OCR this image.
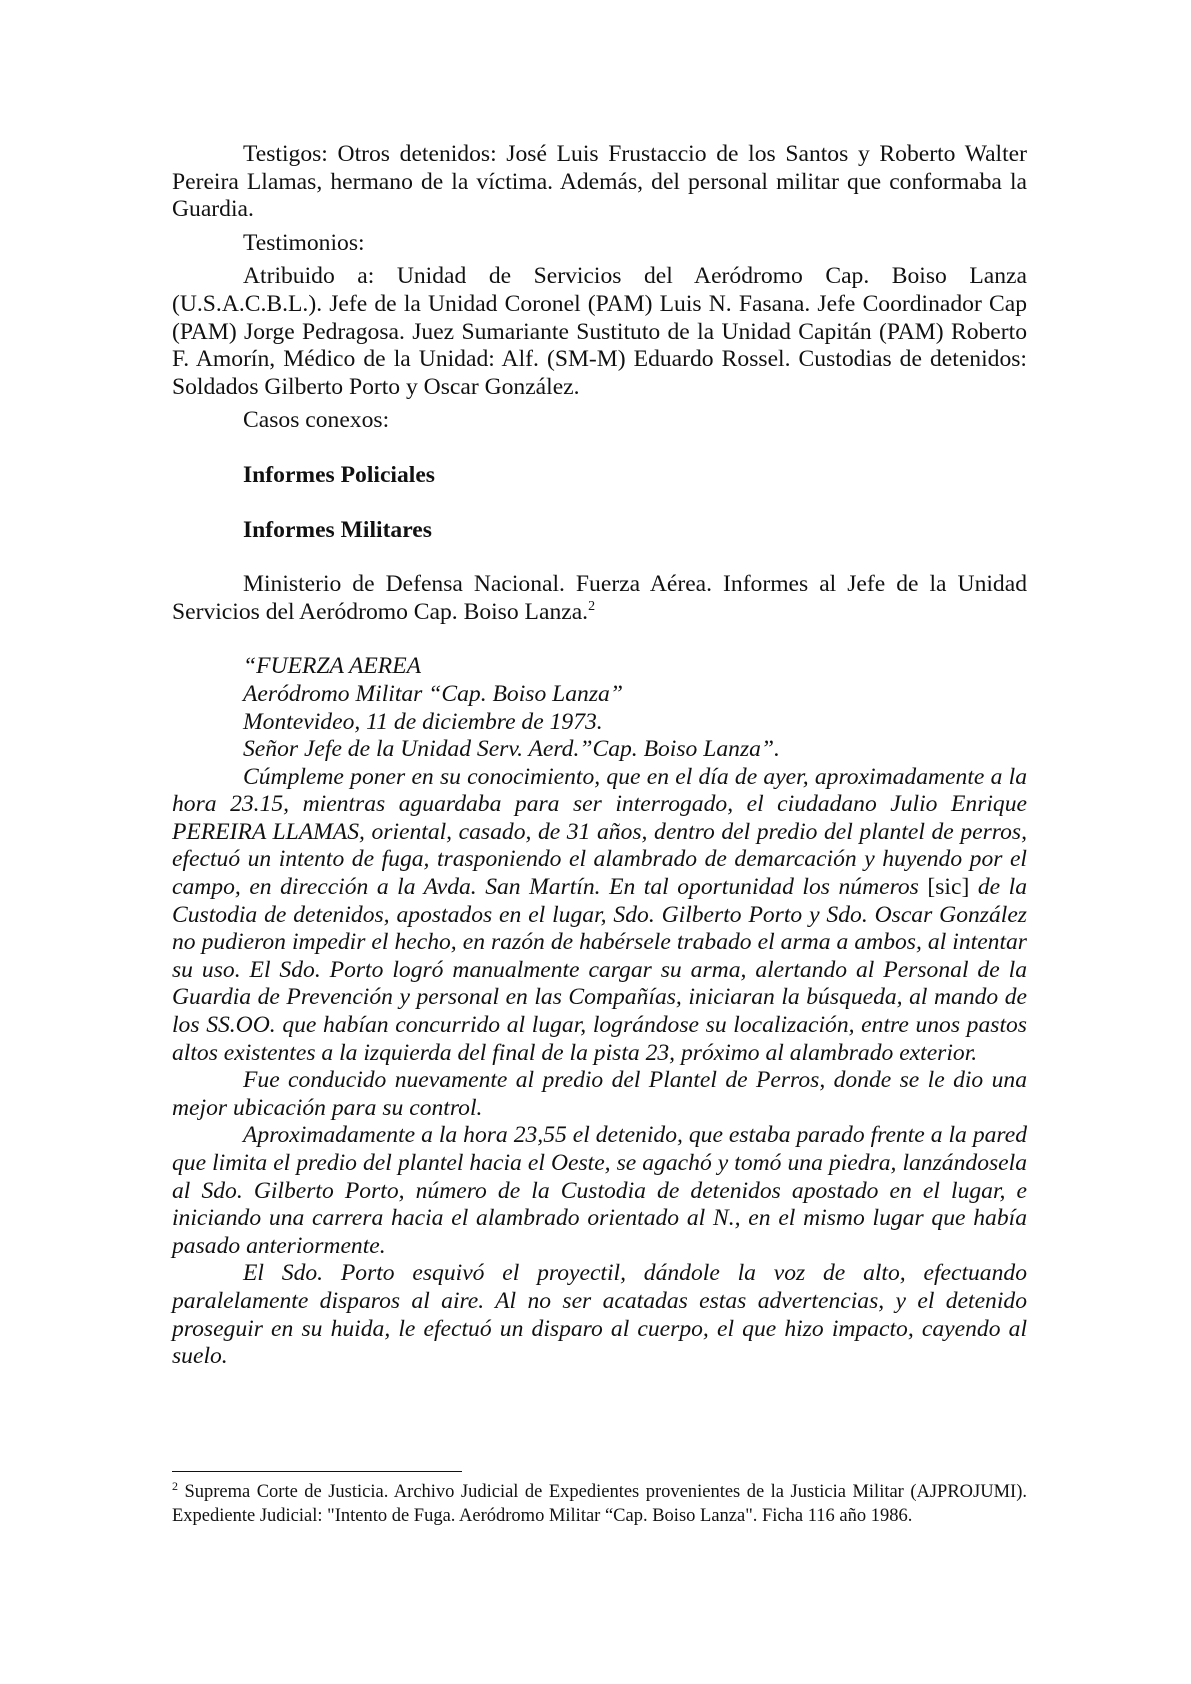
Testigos: Otros detenidos: José Luis Frustaccio de los Santos y Roberto Walter Pereira Llamas, hermano de la víctima. Además, del personal militar que conformaba la Guardia.

Testimonios:

Atribuido a: Unidad de Servicios del Aeródromo Cap. Boiso Lanza (U.S.A.C.B.L.). Jefe de la Unidad Coronel (PAM) Luis N. Fasana. Jefe Coordinador Cap (PAM) Jorge Pedragosa. Juez Sumariante Sustituto de la Unidad Capitán (PAM) Roberto F. Amorín, Médico de la Unidad: Alf. (SM-M) Eduardo Rossel. Custodias de detenidos: Soldados Gilberto Porto y Oscar González.

Casos conexos:

Informes Policiales

Informes Militares

Ministerio de Defensa Nacional. Fuerza Aérea. Informes al Jefe de la Unidad Servicios del Aeródromo Cap. Boiso Lanza.$^2$

“FUERZA AEREA

Aeródromo Militar “Cap. Boiso Lanza”

Montevideo, 11 de diciembre de 1973.

Señor Jefe de la Unidad Serv. Aerd.”Cap. Boiso Lanza”.

Cúmpleme poner en su conocimiento, que en el día de ayer, aproximadamente a la hora 23.15, mientras aguardaba para ser interrogado, el ciudadano Julio Enrique PEREIRA LLAMAS, oriental, casado, de 31 años, dentro del predio del plantel de perros, efectuó un intento de fuga, trasponiendo el alambrado de demarcación y huyendo por el campo, en dirección a la Avda. San Martín. En tal oportunidad los números [sic] de la Custodia de detenidos, apostados en el lugar, Sdo. Gilberto Porto y Sdo. Oscar González no pudieron impedir el hecho, en razón de habérsele trabado el arma a ambos, al intentar su uso. El Sdo. Porto logró manualmente cargar su arma, alertando al Personal de la Guardia de Prevención y personal en las Compañías, iniciaran la búsqueda, al mando de los SS.OO. que habían concurrido al lugar, lográndose su localización, entre unos pastos altos existentes a la izquierda del final de la pista 23, próximo al alambrado exterior.

Fue conducido nuevamente al predio del Plantel de Perros, donde se le dio una mejor ubicación para su control.

Aproximadamente a la hora 23,55 el detenido, que estaba parado frente a la pared que limita el predio del plantel hacia el Oeste, se agachó y tomó una piedra, lanzándosela al Sdo. Gilberto Porto, número de la Custodia de detenidos apostado en el lugar, e iniciando una carrera hacia el alambrado orientado al N., en el mismo lugar que había pasado anteriormente.

El Sdo. Porto esquivó el proyectil, dándole la voz de alto, efectuando paralelamente disparos al aire. Al no ser acatadas estas advertencias, y el detenido proseguir en su huida, le efectuó un disparo al cuerpo, el que hizo impacto, cayendo al suelo.

$^2$ Suprema Corte de Justicia. Archivo Judicial de Expedientes provenientes de la Justicia Militar (AJPROJUMI). Expediente Judicial: "Intento de Fuga. Aeródromo Militar “Cap. Boiso Lanza". Ficha 116 año 1986.
